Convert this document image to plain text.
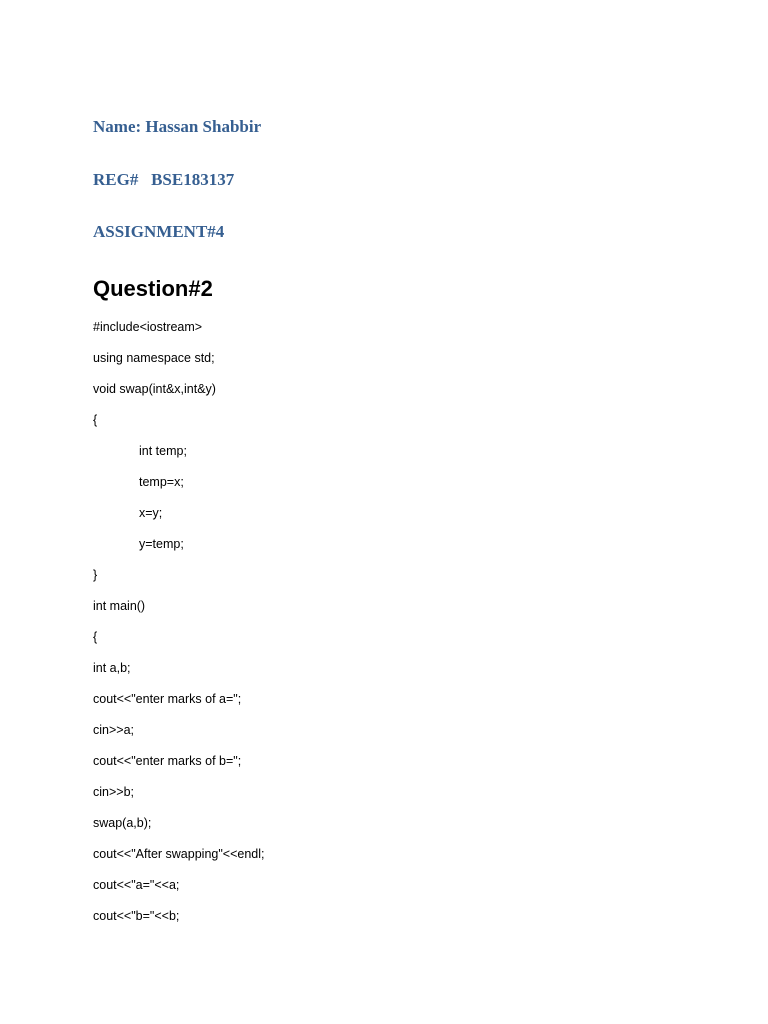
Name: Hassan Shabbir

REG#   BSE183137

ASSIGNMENT#4

Question#2

#include<iostream>

using namespace std;

void swap(int&x,int&y)

{

int temp;

temp=x;

x=y;

y=temp;

}

int main()

{

int a,b;

cout<<"enter marks of a=";

cin>>a;

cout<<"enter marks of b=";

cin>>b;

swap(a,b);

cout<<"After swapping"<<endl;

cout<<"a="<<a;

cout<<"b="<<b;
